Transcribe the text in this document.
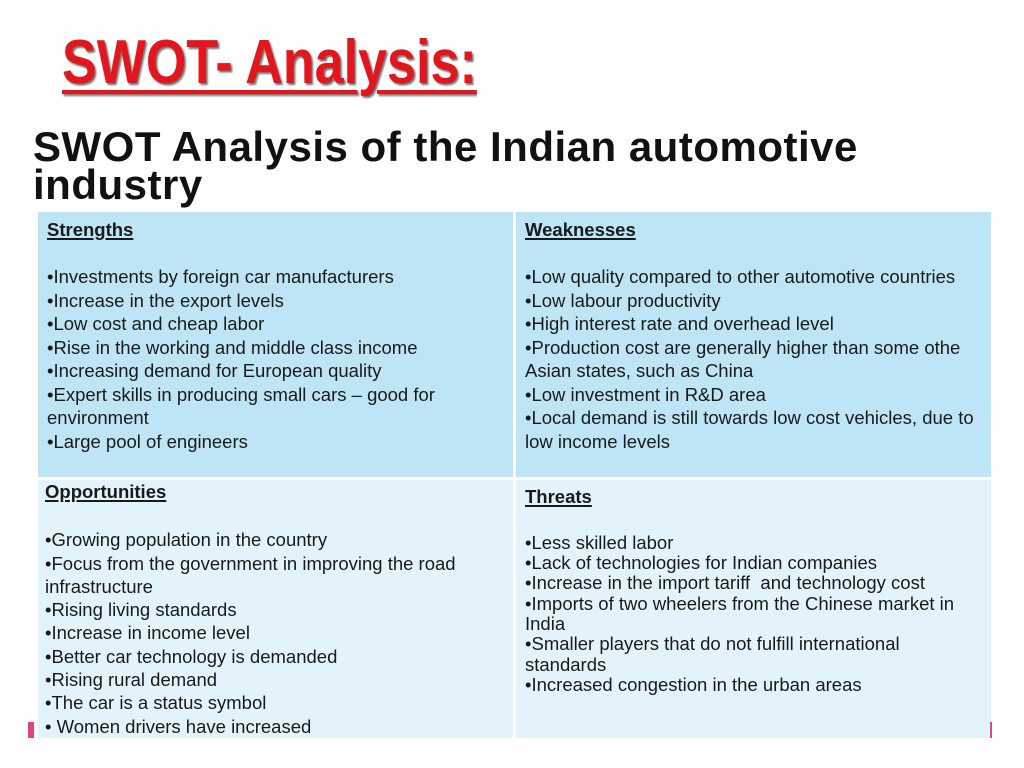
SWOT- Analysis:
SWOT Analysis of the Indian automotive industry
Strengths
•Investments by foreign car manufacturers
•Increase in the export levels
•Low cost and cheap labor
•Rise in the working and middle class income
•Increasing demand for European quality
•Expert skills in producing small cars – good for environment
•Large pool of engineers
Weaknesses
•Low quality compared to other automotive countries
•Low labour productivity
•High interest rate and overhead level
•Production cost are generally higher than some othe Asian states, such as China
•Low investment in R&D area
•Local demand is still towards low cost vehicles, due to low income levels
Opportunities
•Growing population in the country
•Focus from the government in improving the road infrastructure
•Rising living standards
•Increase in income level
•Better car technology is demanded
•Rising rural demand
•The car is a status symbol
• Women drivers have increased
Threats
•Less skilled labor
•Lack of technologies for Indian companies
•Increase in the import tariff  and technology cost
•Imports of two wheelers from the Chinese market in India
•Smaller players that do not fulfill international standards
•Increased congestion in the urban areas
